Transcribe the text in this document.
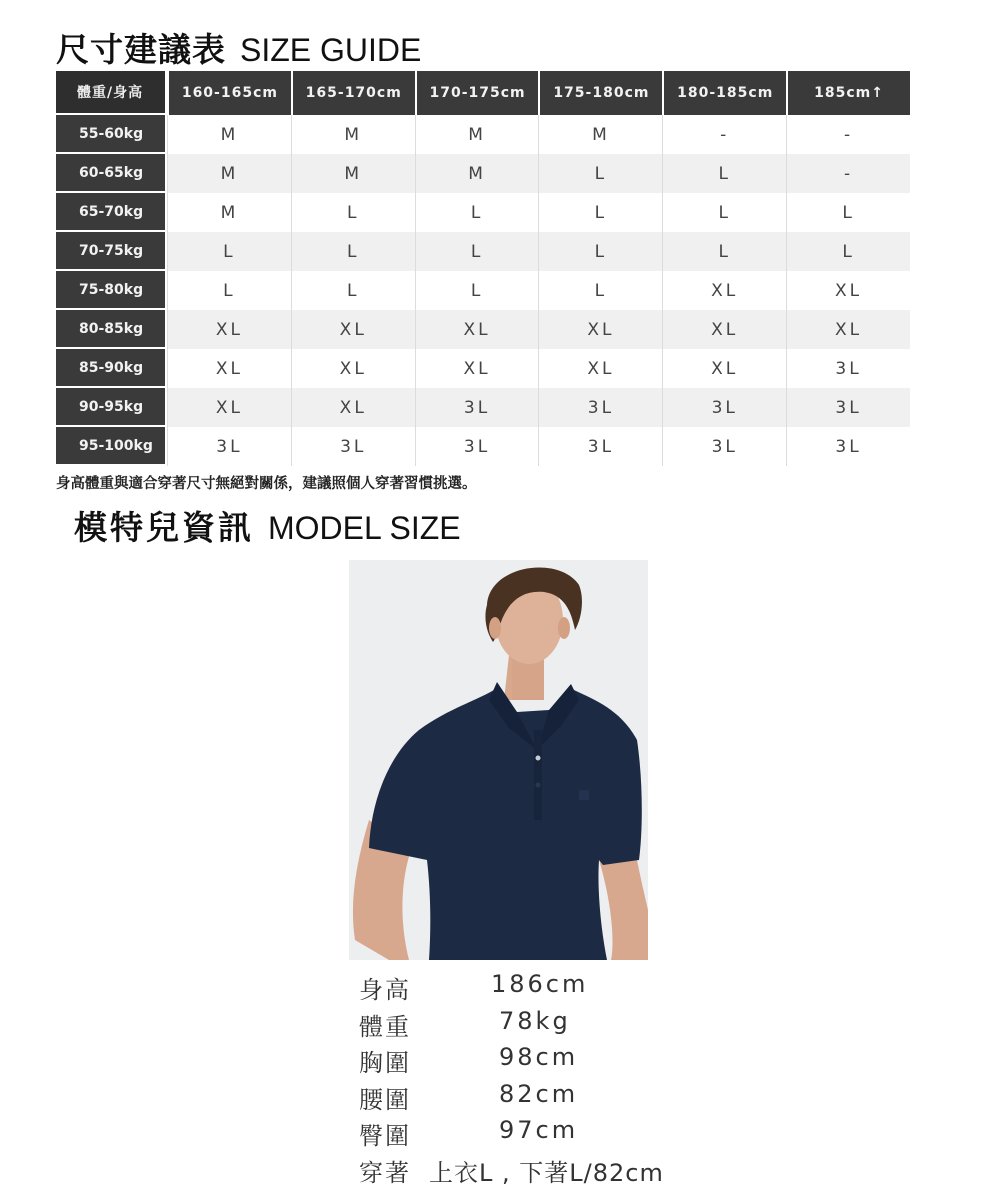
尺寸建議表 SIZE GUIDE
體重/身高	160-165cm	165-170cm	170-175cm	175-180cm	180-185cm	185cm↑
55-60kg	M	M	M	M	-	-
60-65kg	M	M	M	L	L	-
65-70kg	M	L	L	L	L	L
70-75kg	L	L	L	L	L	L
75-80kg	L	L	L	L	XL	XL
80-85kg	XL	XL	XL	XL	XL	XL
85-90kg	XL	XL	XL	XL	XL	3L
90-95kg	XL	XL	3L	3L	3L	3L
95-100kg	3L	3L	3L	3L	3L	3L
身高體重與適合穿著尺寸無絕對關係，建議照個人穿著習慣挑選。
模特兒資訊 MODEL SIZE
身高	186cm
體重	78kg
胸圍	98cm
腰圍	82cm
臀圍	97cm
穿著 上衣L , 下著L/82cm
